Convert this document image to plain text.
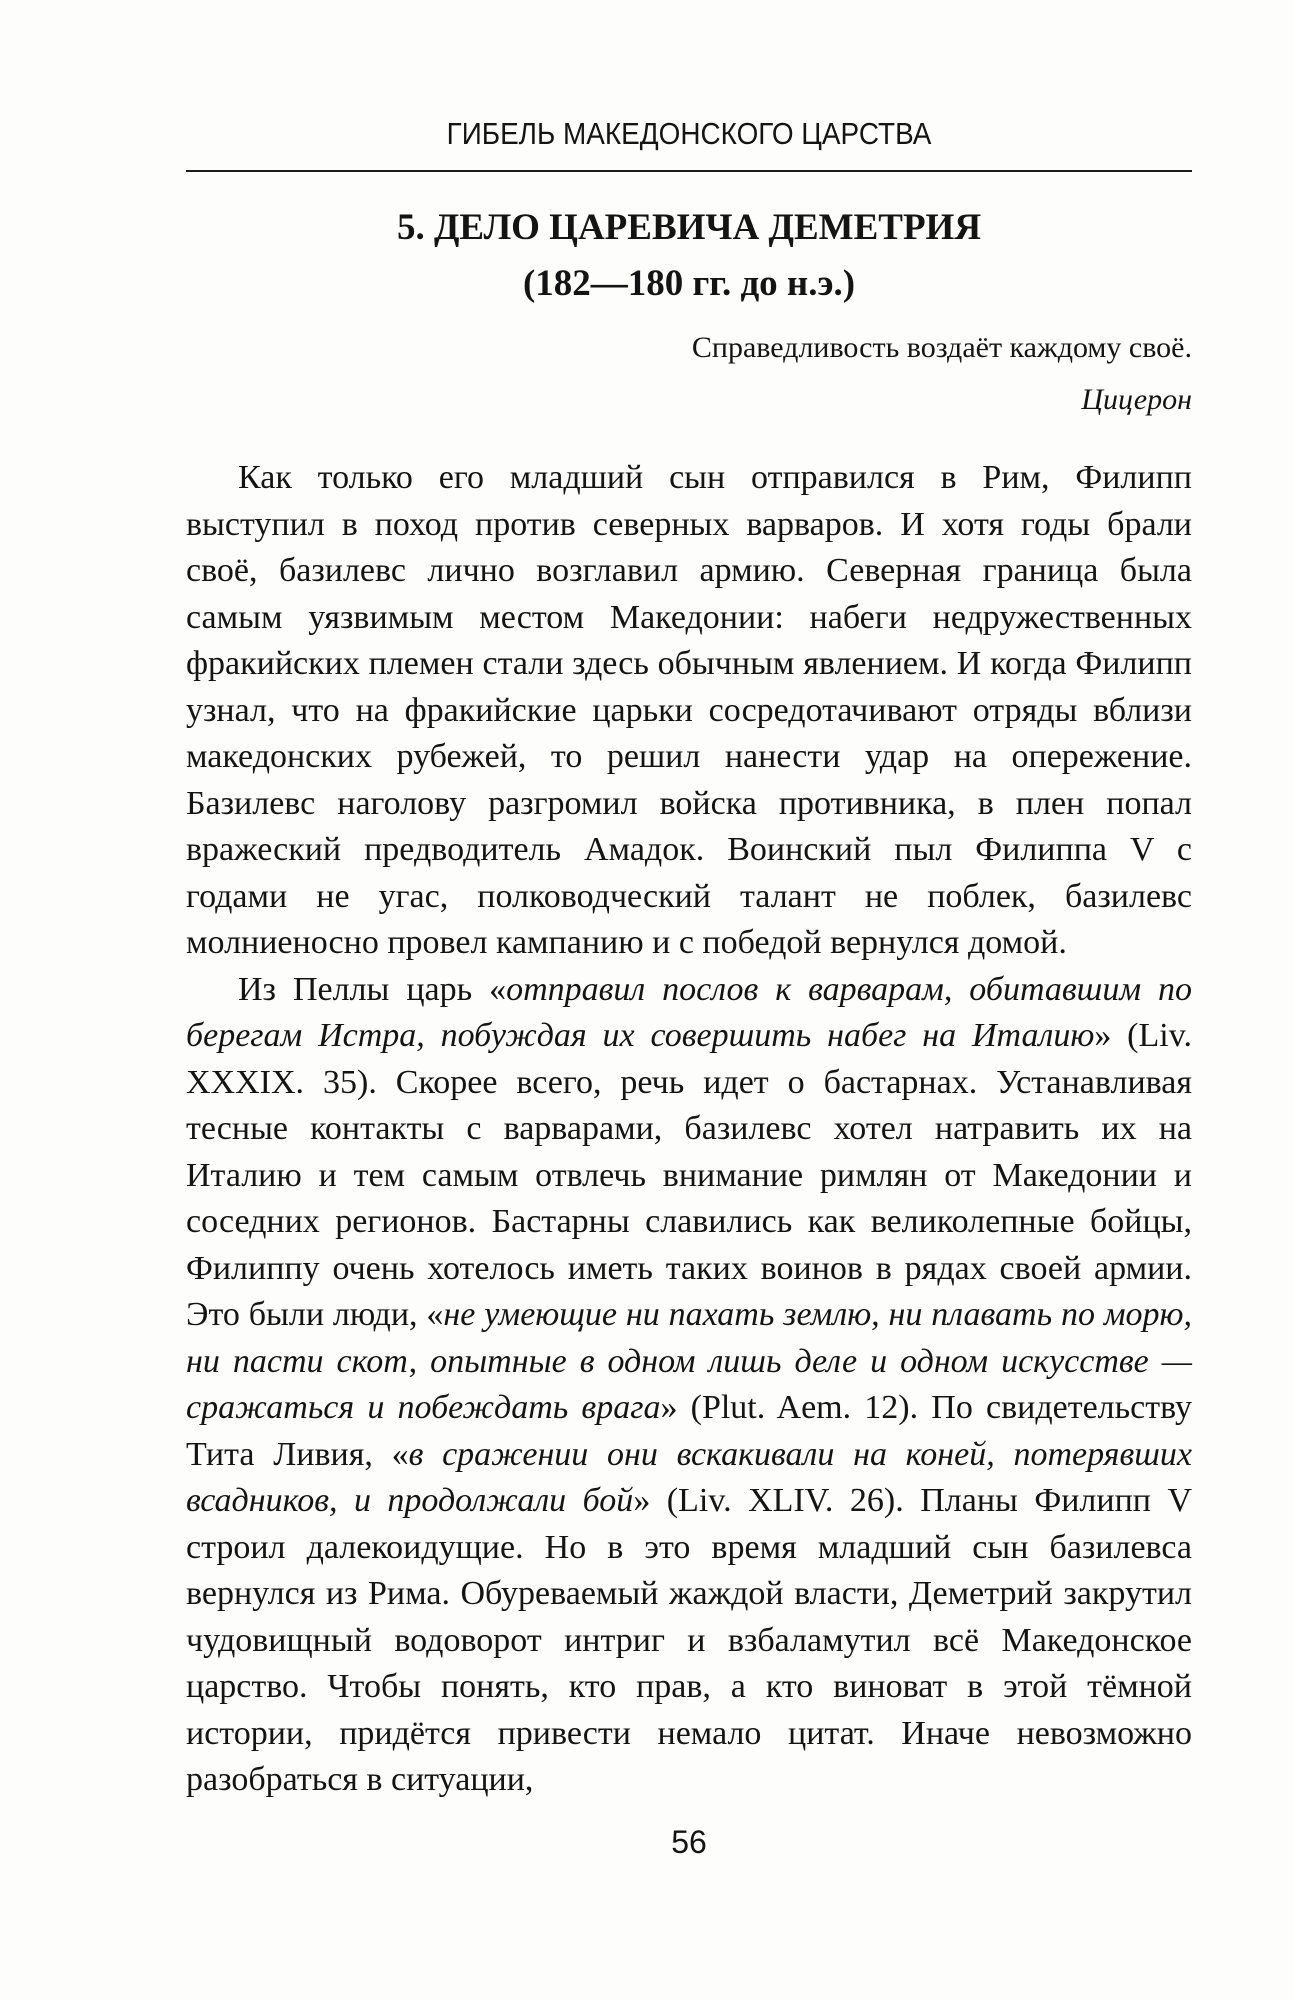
ГИБЕЛЬ МАКЕДОНСКОГО ЦАРСТВА
5. ДЕЛО ЦАРЕВИЧА ДЕМЕТРИЯ
(182—180 гг. до н.э.)
Справедливость воздаёт каждому своё.
Цицерон

Как только его младший сын отправился в Рим, Филипп выступил в поход против северных варваров. И хотя годы брали своё, базилевс лично возглавил армию. Северная граница была самым уязвимым местом Македонии: набеги недружественных фракийских племен стали здесь обычным явлением. И когда Филипп узнал, что на фракийские царьки сосредотачивают отряды вблизи македонских рубежей, то решил нанести удар на опережение. Базилевс наголову разгромил войска противника, в плен попал вражеский предводитель Амадок. Воинский пыл Филиппа V с годами не угас, полководческий талант не поблек, базилевс молниеносно провел кампанию и с победой вернулся домой.

Из Пеллы царь «отправил послов к варварам, обитавшим по берегам Истра, побуждая их совершить набег на Италию» (Liv. XXXIX. 35). Скорее всего, речь идет о бастарнах. Устанавливая тесные контакты с варварами, базилевс хотел натравить их на Италию и тем самым отвлечь внимание римлян от Македонии и соседних регионов. Бастарны славились как великолепные бойцы, Филиппу очень хотелось иметь таких воинов в рядах своей армии. Это были люди, «не умеющие ни пахать землю, ни плавать по морю, ни пасти скот, опытные в одном лишь деле и одном искусстве — сражаться и побеждать врага» (Plut. Aem. 12). По свидетельству Тита Ливия, «в сражении они вскакивали на коней, потерявших всадников, и продолжали бой» (Liv. XLIV. 26). Планы Филипп V строил далекоидущие. Но в это время младший сын базилевса вернулся из Рима. Обуреваемый жаждой власти, Деметрий закрутил чудовищный водоворот интриг и взбаламутил всё Македонское царство. Чтобы понять, кто прав, а кто виноват в этой тёмной истории, придётся привести немало цитат. Иначе невозможно разобраться в ситуации,

56
